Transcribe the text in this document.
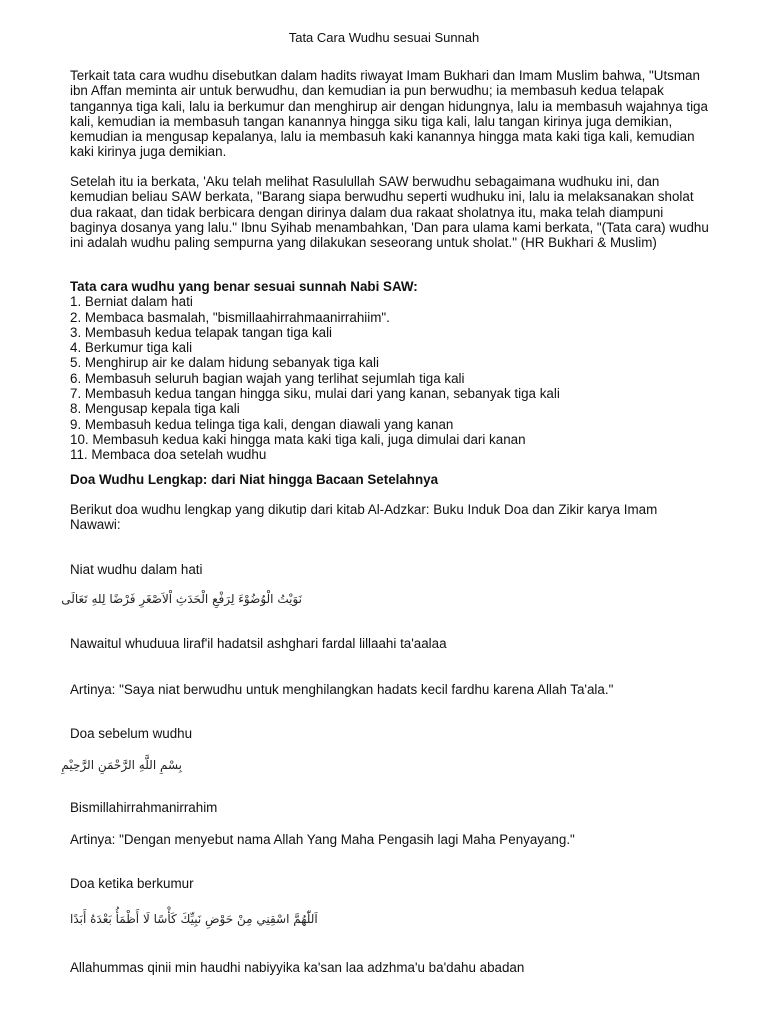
Tata Cara Wudhu sesuai Sunnah

Terkait tata cara wudhu disebutkan dalam hadits riwayat Imam Bukhari dan Imam Muslim bahwa, "Utsman ibn Affan meminta air untuk berwudhu, dan kemudian ia pun berwudhu; ia membasuh kedua telapak tangannya tiga kali, lalu ia berkumur dan menghirup air dengan hidungnya, lalu ia membasuh wajahnya tiga kali, kemudian ia membasuh tangan kanannya hingga siku tiga kali, lalu tangan kirinya juga demikian, kemudian ia mengusap kepalanya, lalu ia membasuh kaki kanannya hingga mata kaki tiga kali, kemudian kaki kirinya juga demikian.

Setelah itu ia berkata, 'Aku telah melihat Rasulullah SAW berwudhu sebagaimana wudhuku ini, dan kemudian beliau SAW berkata, "Barang siapa berwudhu seperti wudhuku ini, lalu ia melaksanakan sholat dua rakaat, dan tidak berbicara dengan dirinya dalam dua rakaat sholatnya itu, maka telah diampuni baginya dosanya yang lalu." Ibnu Syihab menambahkan, 'Dan para ulama kami berkata, "(Tata cara) wudhu ini adalah wudhu paling sempurna yang dilakukan seseorang untuk sholat." (HR Bukhari & Muslim)

Tata cara wudhu yang benar sesuai sunnah Nabi SAW:

1. Berniat dalam hati
2. Membaca basmalah, "bismillaahirrahmaanirrahiim".
3. Membasuh kedua telapak tangan tiga kali
4. Berkumur tiga kali
5. Menghirup air ke dalam hidung sebanyak tiga kali
6. Membasuh seluruh bagian wajah yang terlihat sejumlah tiga kali
7. Membasuh kedua tangan hingga siku, mulai dari yang kanan, sebanyak tiga kali
8. Mengusap kepala tiga kali
9. Membasuh kedua telinga tiga kali, dengan diawali yang kanan
10. Membasuh kedua kaki hingga mata kaki tiga kali, juga dimulai dari kanan
11. Membaca doa setelah wudhu

Doa Wudhu Lengkap: dari Niat hingga Bacaan Setelahnya

Berikut doa wudhu lengkap yang dikutip dari kitab Al-Adzkar: Buku Induk Doa dan Zikir karya Imam Nawawi:

Niat wudhu dalam hati
نَوَيْتُ الْوُضُوْءَ لِرَفْعِ الْحَدَثِ اْلاَصْغَرِ فَرْضًا لِلهِ تَعَالَى
Nawaitul whuduua liraf'il hadatsil ashghari fardal lillaahi ta'aalaa
Artinya: "Saya niat berwudhu untuk menghilangkan hadats kecil fardhu karena Allah Ta'ala."
Doa sebelum wudhu
بِسْمِ اللَّهِ الرَّحْمَنِ الرَّحِيْمِ
Bismillahirrahmanirrahim
Artinya: "Dengan menyebut nama Allah Yang Maha Pengasih lagi Maha Penyayang."
Doa ketika berkumur
اَللّٰهُمَّ اسْقِنِي مِنْ حَوْضِ نَبِيِّكَ كَأْسًا لَا أَظْمَأُ بَعْدَهُ أَبَدًا
Allahummas qinii min haudhi nabiyyika ka'san laa adzhma'u ba'dahu abadan
